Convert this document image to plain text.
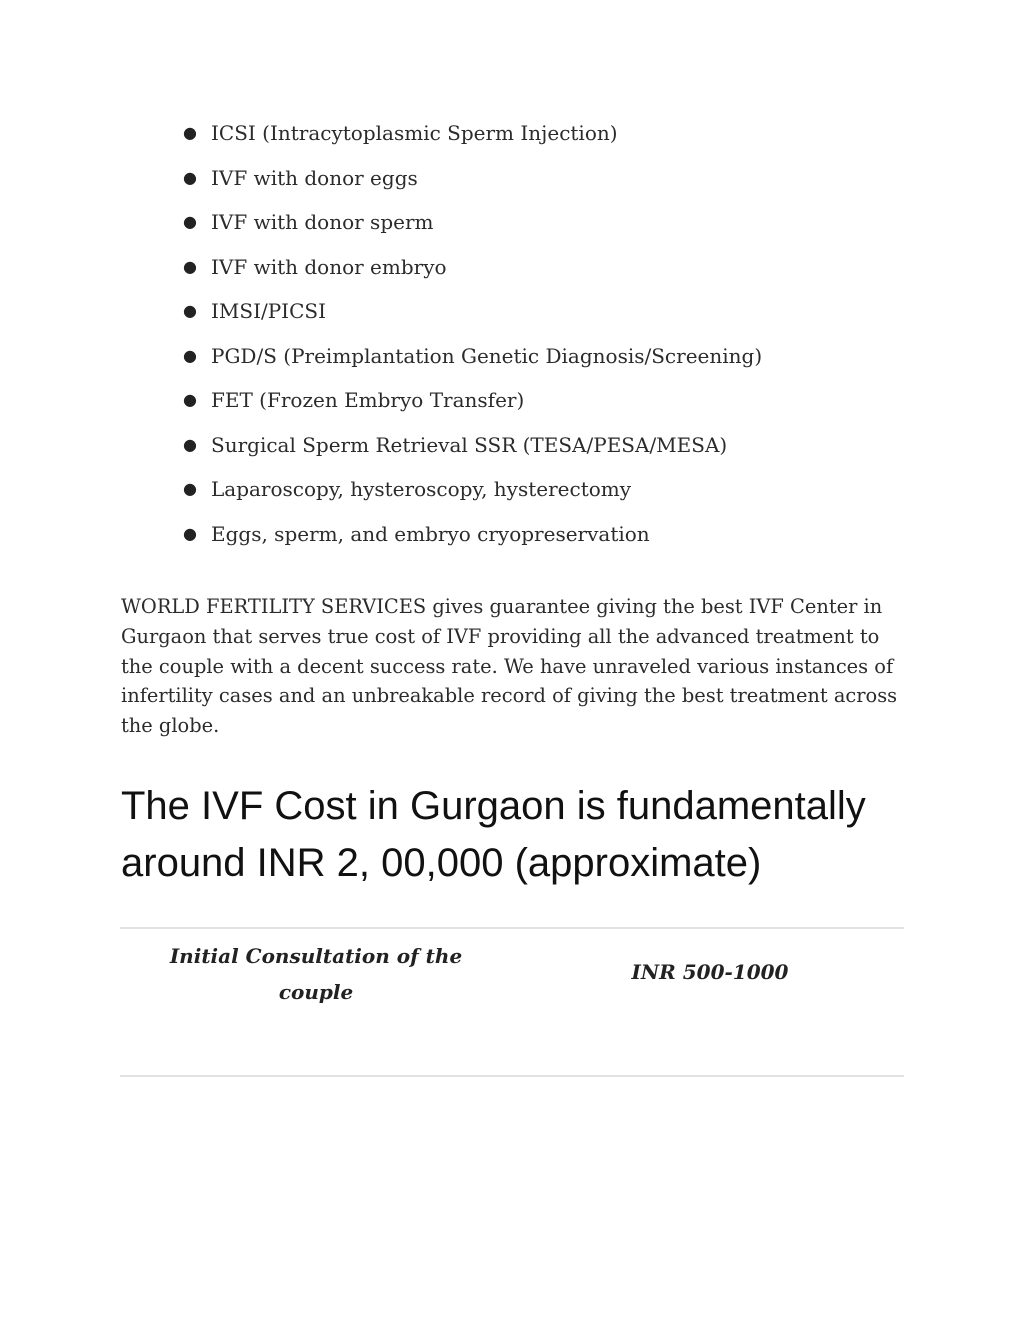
● ICSI (Intracytoplasmic Sperm Injection)
● IVF with donor eggs
● IVF with donor sperm
● IVF with donor embryo
● IMSI/PICSI
● PGD/S (Preimplantation Genetic Diagnosis/Screening)
● FET (Frozen Embryo Transfer)
● Surgical Sperm Retrieval SSR (TESA/PESA/MESA)
● Laparoscopy, hysteroscopy, hysterectomy
● Eggs, sperm, and embryo cryopreservation

WORLD FERTILITY SERVICES gives guarantee giving the best IVF Center in Gurgaon that serves true cost of IVF providing all the advanced treatment to the couple with a decent success rate. We have unraveled various instances of infertility cases and an unbreakable record of giving the best treatment across the globe.

The IVF Cost in Gurgaon is fundamentally around INR 2, 00,000 (approximate)
Initial Consultation of the couple
INR 500-1000
